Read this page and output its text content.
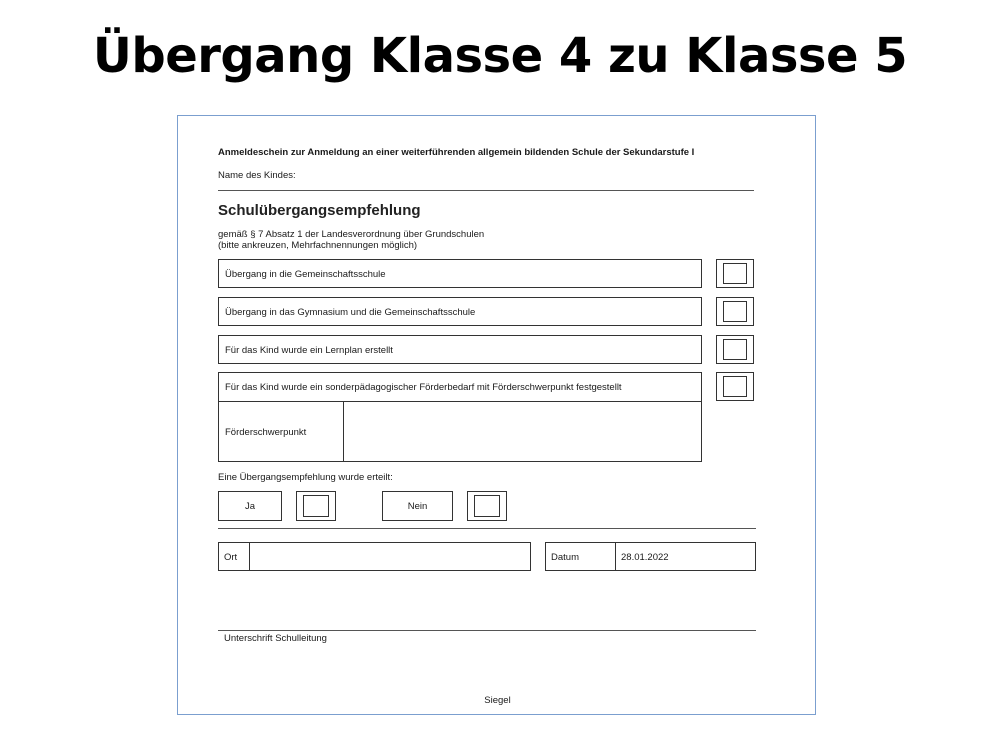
Übergang Klasse 4 zu Klasse 5
Anmeldeschein zur Anmeldung an einer weiterführenden allgemein bildenden Schule der Sekundarstufe I
Name des Kindes:
Schulübergangsempfehlung
gemäß § 7 Absatz 1 der Landesverordnung über Grundschulen
(bitte ankreuzen, Mehrfachnennungen möglich)
Übergang in die Gemeinschaftsschule
Übergang in das Gymnasium und die Gemeinschaftsschule
Für das Kind wurde ein Lernplan erstellt
Für das Kind wurde ein sonderpädagogischer Förderbedarf mit Förderschwerpunkt festgestellt
Förderschwerpunkt
Eine Übergangsempfehlung wurde erteilt:
Ja	Nein
Ort	Datum	28.01.2022
Unterschrift Schulleitung
Siegel
